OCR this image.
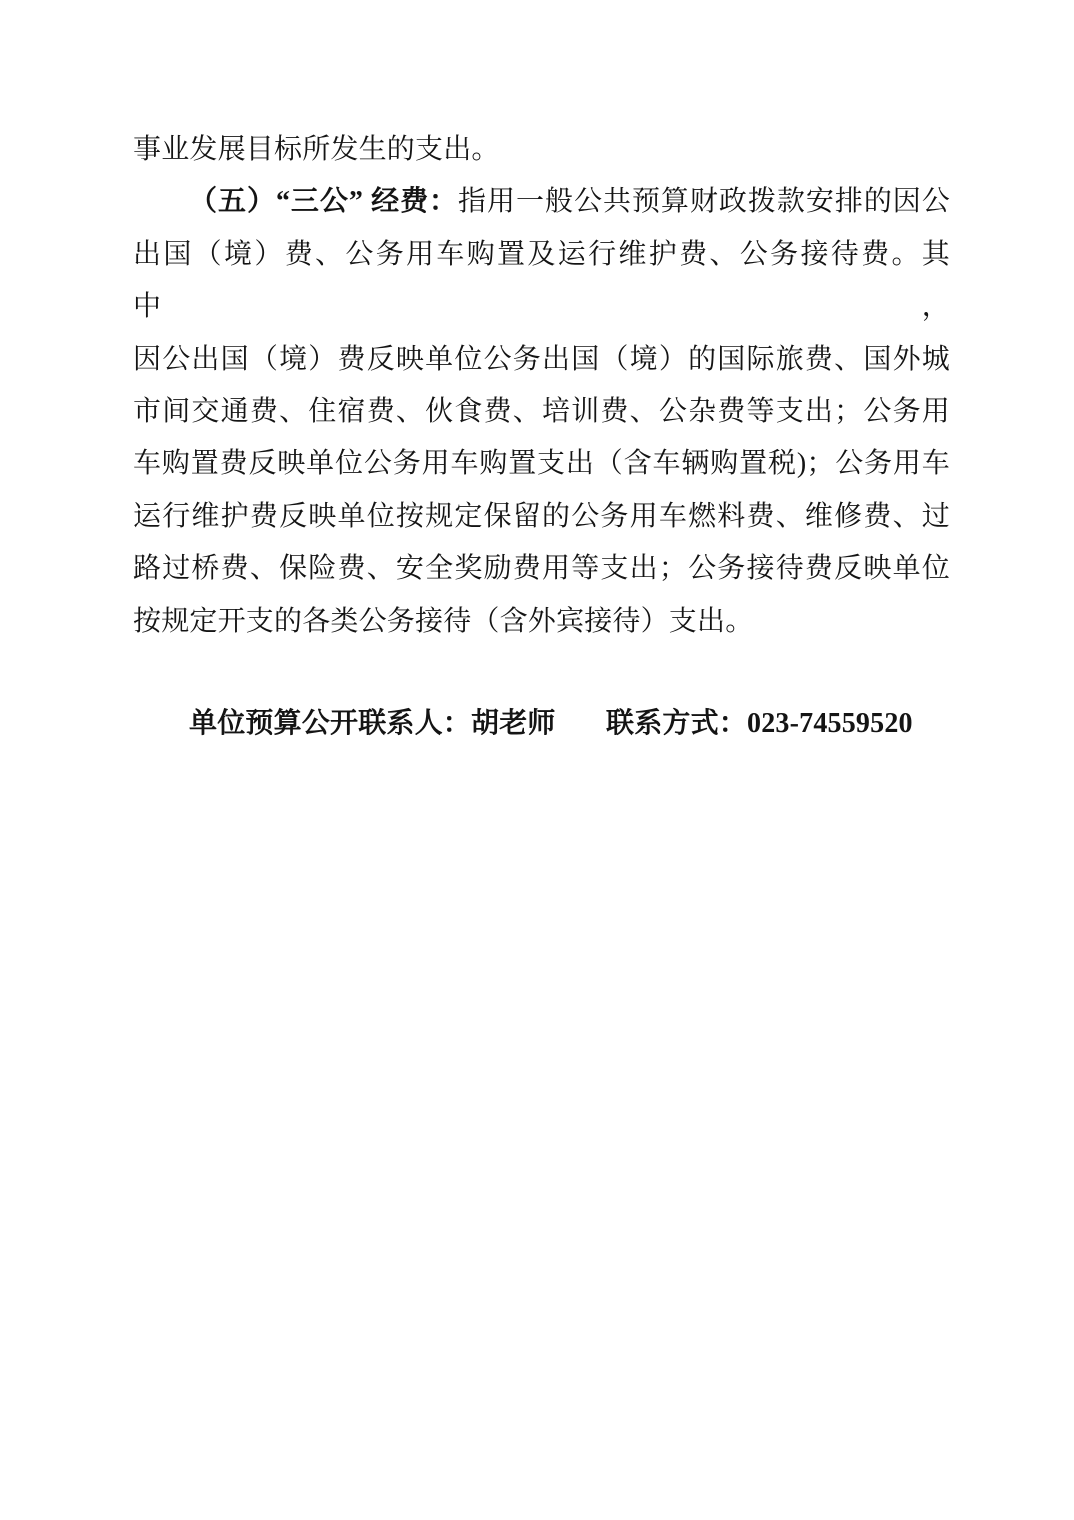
事业发展目标所发生的支出。
（五）“三公” 经费：指用一般公共预算财政拨款安排的因公
出国（境）费、公务用车购置及运行维护费、公务接待费。其中，
因公出国（境）费反映单位公务出国（境）的国际旅费、国外城
市间交通费、住宿费、伙食费、培训费、公杂费等支出；公务用
车购置费反映单位公务用车购置支出（含车辆购置税)；公务用车
运行维护费反映单位按规定保留的公务用车燃料费、维修费、过
路过桥费、保险费、安全奖励费用等支出；公务接待费反映单位
按规定开支的各类公务接待（含外宾接待）支出。
单位预算公开联系人：胡老师 联系方式：023-74559520
